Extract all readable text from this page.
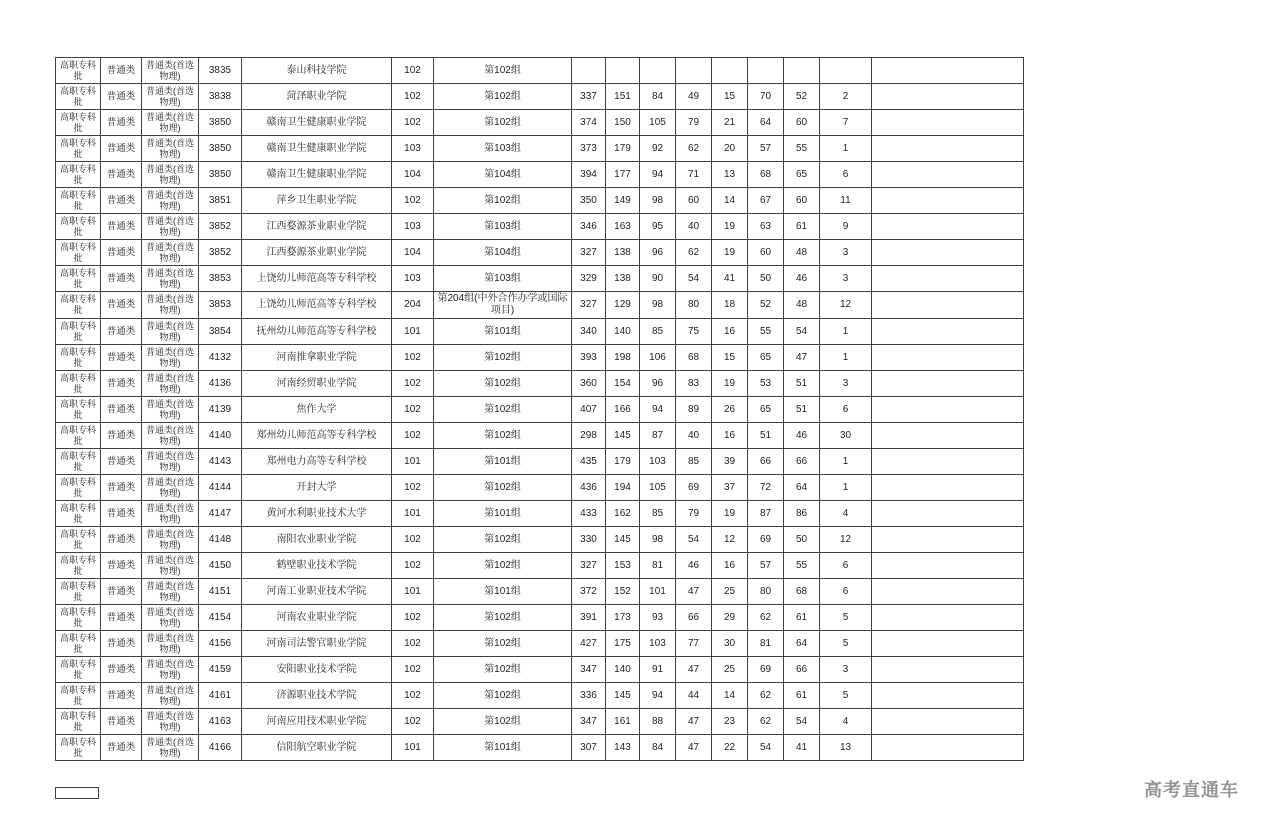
高职专科批	普通类	普通类(首选物理)	3835	泰山科技学院	102	第102组									
高职专科批	普通类	普通类(首选物理)	3838	菏泽职业学院	102	第102组	337	151	84	49	15	70	52	2	
高职专科批	普通类	普通类(首选物理)	3850	赣南卫生健康职业学院	102	第102组	374	150	105	79	21	64	60	7	
高职专科批	普通类	普通类(首选物理)	3850	赣南卫生健康职业学院	103	第103组	373	179	92	62	20	57	55	1	
高职专科批	普通类	普通类(首选物理)	3850	赣南卫生健康职业学院	104	第104组	394	177	94	71	13	68	65	6	
高职专科批	普通类	普通类(首选物理)	3851	萍乡卫生职业学院	102	第102组	350	149	98	60	14	67	60	11	
高职专科批	普通类	普通类(首选物理)	3852	江西婺源茶业职业学院	103	第103组	346	163	95	40	19	63	61	9	
高职专科批	普通类	普通类(首选物理)	3852	江西婺源茶业职业学院	104	第104组	327	138	96	62	19	60	48	3	
高职专科批	普通类	普通类(首选物理)	3853	上饶幼儿师范高等专科学校	103	第103组	329	138	90	54	41	50	46	3	
高职专科批	普通类	普通类(首选物理)	3853	上饶幼儿师范高等专科学校	204	第204组(中外合作办学或国际项目)	327	129	98	80	18	52	48	12	
高职专科批	普通类	普通类(首选物理)	3854	抚州幼儿师范高等专科学校	101	第101组	340	140	85	75	16	55	54	1	
高职专科批	普通类	普通类(首选物理)	4132	河南推拿职业学院	102	第102组	393	198	106	68	15	65	47	1	
高职专科批	普通类	普通类(首选物理)	4136	河南经贸职业学院	102	第102组	360	154	96	83	19	53	51	3	
高职专科批	普通类	普通类(首选物理)	4139	焦作大学	102	第102组	407	166	94	89	26	65	51	6	
高职专科批	普通类	普通类(首选物理)	4140	郑州幼儿师范高等专科学校	102	第102组	298	145	87	40	16	51	46	30	
高职专科批	普通类	普通类(首选物理)	4143	郑州电力高等专科学校	101	第101组	435	179	103	85	39	66	66	1	
高职专科批	普通类	普通类(首选物理)	4144	开封大学	102	第102组	436	194	105	69	37	72	64	1	
高职专科批	普通类	普通类(首选物理)	4147	黄河水利职业技术大学	101	第101组	433	162	85	79	19	87	86	4	
高职专科批	普通类	普通类(首选物理)	4148	南阳农业职业学院	102	第102组	330	145	98	54	12	69	50	12	
高职专科批	普通类	普通类(首选物理)	4150	鹤壁职业技术学院	102	第102组	327	153	81	46	16	57	55	6	
高职专科批	普通类	普通类(首选物理)	4151	河南工业职业技术学院	101	第101组	372	152	101	47	25	80	68	6	
高职专科批	普通类	普通类(首选物理)	4154	河南农业职业学院	102	第102组	391	173	93	66	29	62	61	5	
高职专科批	普通类	普通类(首选物理)	4156	河南司法警官职业学院	102	第102组	427	175	103	77	30	81	64	5	
高职专科批	普通类	普通类(首选物理)	4159	安阳职业技术学院	102	第102组	347	140	91	47	25	69	66	3	
高职专科批	普通类	普通类(首选物理)	4161	济源职业技术学院	102	第102组	336	145	94	44	14	62	61	5	
高职专科批	普通类	普通类(首选物理)	4163	河南应用技术职业学院	102	第102组	347	161	88	47	23	62	54	4	
高职专科批	普通类	普通类(首选物理)	4166	信阳航空职业学院	101	第101组	307	143	84	47	22	54	41	13	
高考直通车
